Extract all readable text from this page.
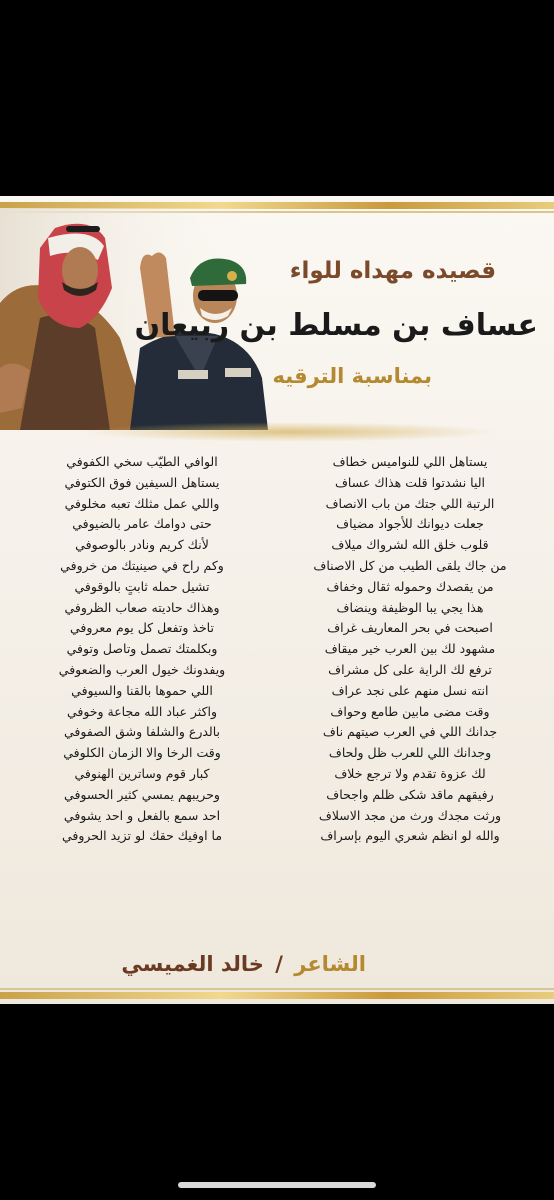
قصيده مهداه للواء
عساف بن مسلط بن ربيعان
بمناسبة الترقيه
يستاهل اللي للنواميس خطاف
اليا نشدتوا قلت هذاك عساف
الرتبة اللي جتك من باب الانصاف
جعلت ديوانك للأجواد مضياف
قلوب خلق الله لشرواك ميلاف
من جاك يلقى الطيب من كل الاصناف
من يقصدك وحموله ثقال وخفاف
هذا يجي يبا الوظيفة وينضاف
اصبحت في بحر المعاريف غراف
مشهود لك بين العرب خير ميقاف
ترفع لك الراية على كل مشراف
انته نسل منهم على نجد عراف
وقت مضى مابين طامع وحواف
جدانك اللي في العرب صيتهم ناف
وجدانك اللي للعرب ظل ولحاف
لك عزوة تقدم ولا ترجع خلاف
رفيقهم ماقد شكى ظلم واجحاف
ورثت مجدك ورث من مجد الاسلاف
والله لو انظم شعري اليوم بإسراف
الوافي الطيّب سخي الكفوفي
يستاهل السيفين فوق الكتوفي
واللي عمل مثلك تعبه مخلوفي
حتى دوامك عامر بالضيوفي
لأنك كريم ونادر بالوصوفي
وكم راح في صينيتك من خروفي
تشيل حمله ثابتٍ بالوقوفي
وهذاك حاديته صعاب الظروفي
تاخذ وتفعل كل يوم معروفي
وبكلمتك تصمل وتاصل وتوفي
ويفدونك خيول العرب والضعوفي
اللي حموها بالقنا والسيوفي
واكثر عباد الله مجاعة وخوفي
بالدرع والشلفا وشق الصفوفي
وقت الرخا والا الزمان الكلوفي
كبار قوم وساترين الهنوفي
وحريبهم يمسي كثير الحسوفي
احد سمع بالفعل و احد يشوفي
ما اوفيك حقك لو تزيد الحروفي
الشاعر / خالد الغميسي
